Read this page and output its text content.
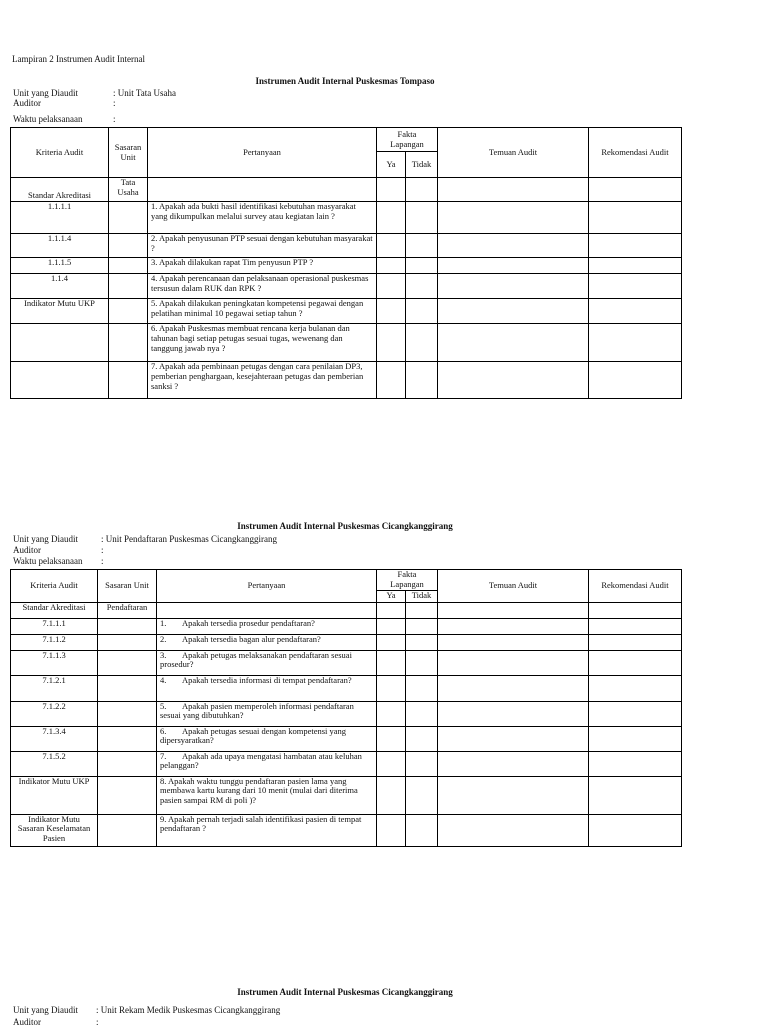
Lampiran 2 Instrumen Audit Internal
Instrumen Audit Internal Puskesmas Tompaso
Unit yang Diaudit	: Unit Tata Usaha
Auditor	:
Waktu pelaksanaan	:
Kriteria Audit	Sasaran Unit	Pertanyaan	Fakta Lapangan		Temuan Audit	Rekomendasi Audit
			Ya	Tidak		
Standar Akreditasi	Tata Usaha					
1.1.1.1		1. Apakah ada bukti hasil identifikasi kebutuhan masyarakat yang dikumpulkan melalui survey atau kegiatan lain ?				
1.1.1.4		2. Apakah penyusunan PTP sesuai dengan kebutuhan masyarakat ?				
1.1.1.5		3. Apakah dilakukan rapat Tim penyusun PTP ?				
1.1.4		4. Apakah perencanaan dan pelaksanaan operasional puskesmas tersusun dalam RUK dan RPK ?				
Indikator Mutu UKP		5. Apakah dilakukan peningkatan kompetensi pegawai dengan pelatihan minimal 10 pegawai setiap tahun ?				
		6. Apakah Puskesmas membuat rencana kerja bulanan dan tahunan bagi setiap petugas sesuai tugas, wewenang dan tanggung jawab nya ?				
		7. Apakah ada pembinaan petugas dengan cara penilaian DP3, pemberian penghargaan, kesejahteraan petugas dan pemberian sanksi ?				
Instrumen Audit Internal Puskesmas Cicangkanggirang
Unit yang Diaudit	: Unit Pendaftaran Puskesmas Cicangkanggirang
Auditor	:
Waktu pelaksanaan :
Kriteria Audit	Sasaran Unit	Pertanyaan	Fakta Lapangan		Temuan Audit	Rekomendasi Audit
			Ya	Tidak		
Standar Akreditasi	Pendaftaran					
7.1.1.1		1. Apakah tersedia prosedur pendaftaran?				
7.1.1.2		2. Apakah tersedia bagan alur pendaftaran?				
7.1.1.3		3. Apakah petugas melaksanakan pendaftaran sesuai prosedur?				
7.1.2.1		4. Apakah tersedia informasi di tempat pendaftaran?				
7.1.2.2		5. Apakah pasien memperoleh informasi pendaftaran sesuai yang dibutuhkan?				
7.1.3.4		6. Apakah petugas sesuai dengan kompetensi yang dipersyaratkan?				
7.1.5.2		7. Apakah ada upaya mengatasi hambatan atau keluhan pelanggan?				
Indikator Mutu UKP		8. Apakah waktu tunggu pendaftaran pasien lama yang membawa kartu kurang dari 10 menit (mulai dari diterima pasien sampai RM di poli )?				
Indikator Mutu Sasaran Keselamatan Pasien		9. Apakah pernah terjadi salah identifikasi pasien di tempat pendaftaran ?				
Instrumen Audit Internal Puskesmas Cicangkanggirang
Unit yang Diaudit : Unit Rekam Medik Puskesmas Cicangkanggirang
Auditor	:
